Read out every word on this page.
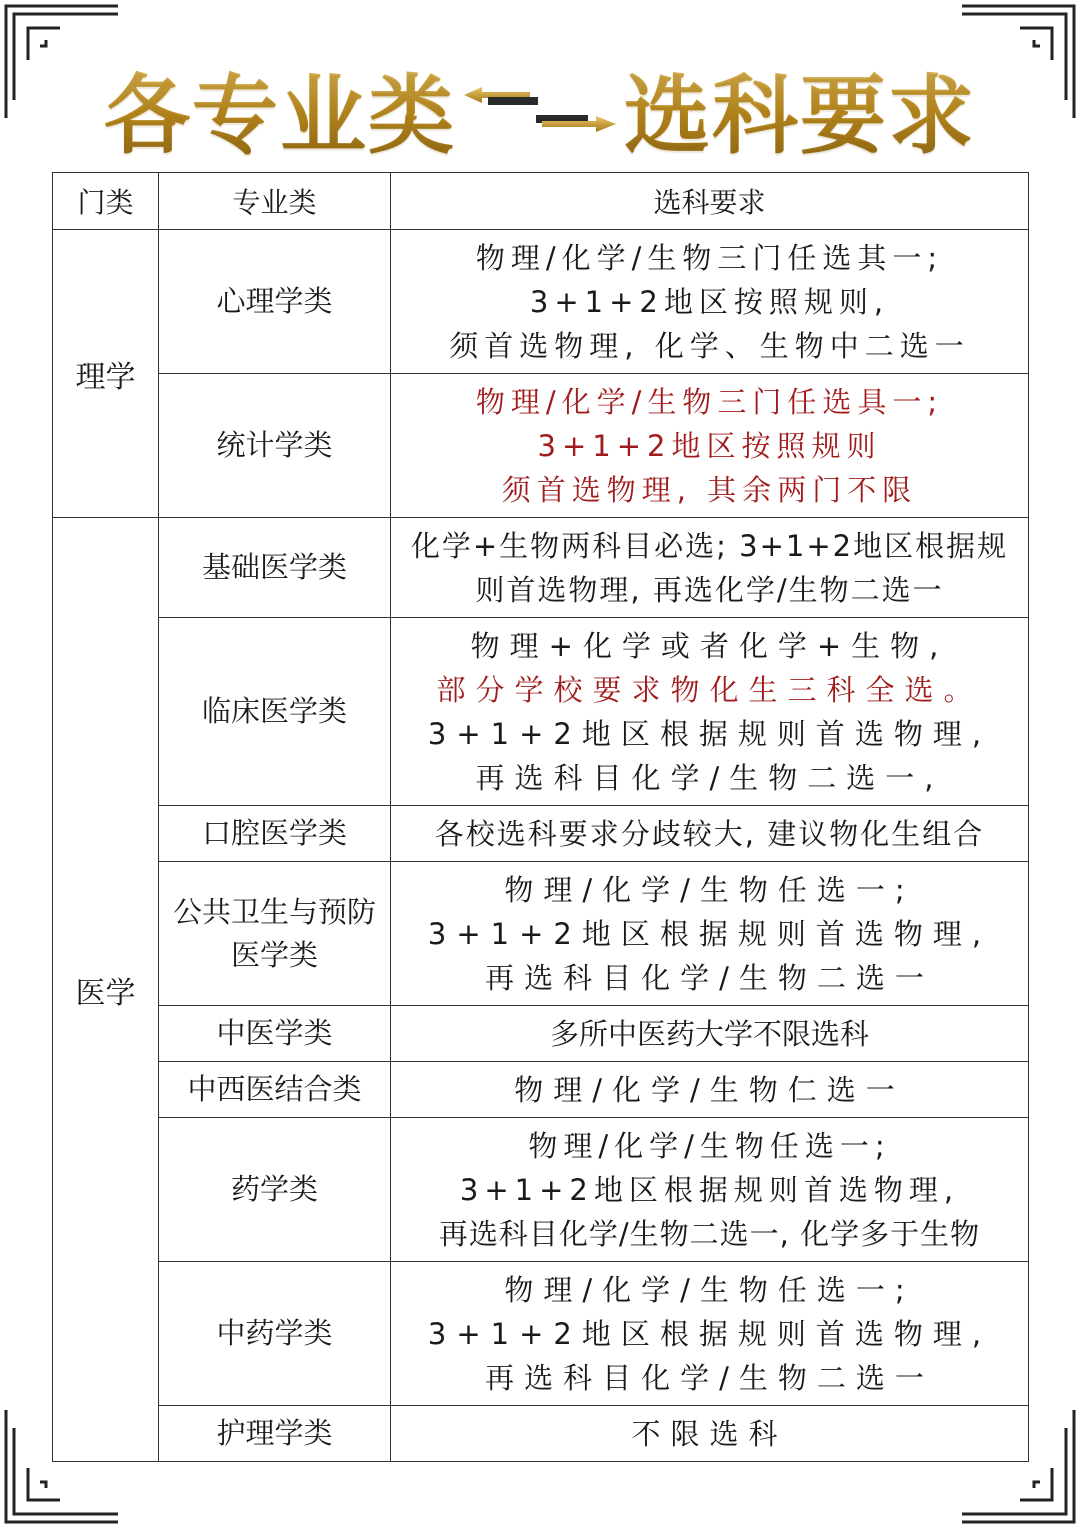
各专业类 选科要求
门类	专业类	选科要求
理学	心理学类	物理/化学/生物三门任选其一;
3+1+2地区按照规则,
须首选物理, 化学、生物中二选一

	统计学类	物理/化学/生物三门任选具一;
3+1+2地区按照规则
须首选物理, 其余两门不限

医学	基础医学类	化学+生物两科目必选; 3+1+2地区根据规
则首选物理, 再选化学/生物二选一

	临床医学类	物理+化学或者化学+生物,
部分学校要求物化生三科全选。
3+1+2地区根据规则首选物理,
再选科目化学/生物二选一,

	口腔医学类	各校选科要求分歧较大, 建议物化生组合

	公共卫生与预防
医学类	物理/化学/生物任选一;
3+1+2地区根据规则首选物理,
再选科目化学/生物二选一

	中医学类	多所中医药大学不限选科

	中西医结合类	物理/化学/生物仁选一

	药学类	物理/化学/生物任选一;
3+1+2地区根据规则首选物理,
再选科目化学/生物二选一, 化学多于生物

	中药学类	物理/化学/生物任选一;
3+1+2地区根据规则首选物理,
再选科目化学/生物二选一

	护理学类	不限选科
